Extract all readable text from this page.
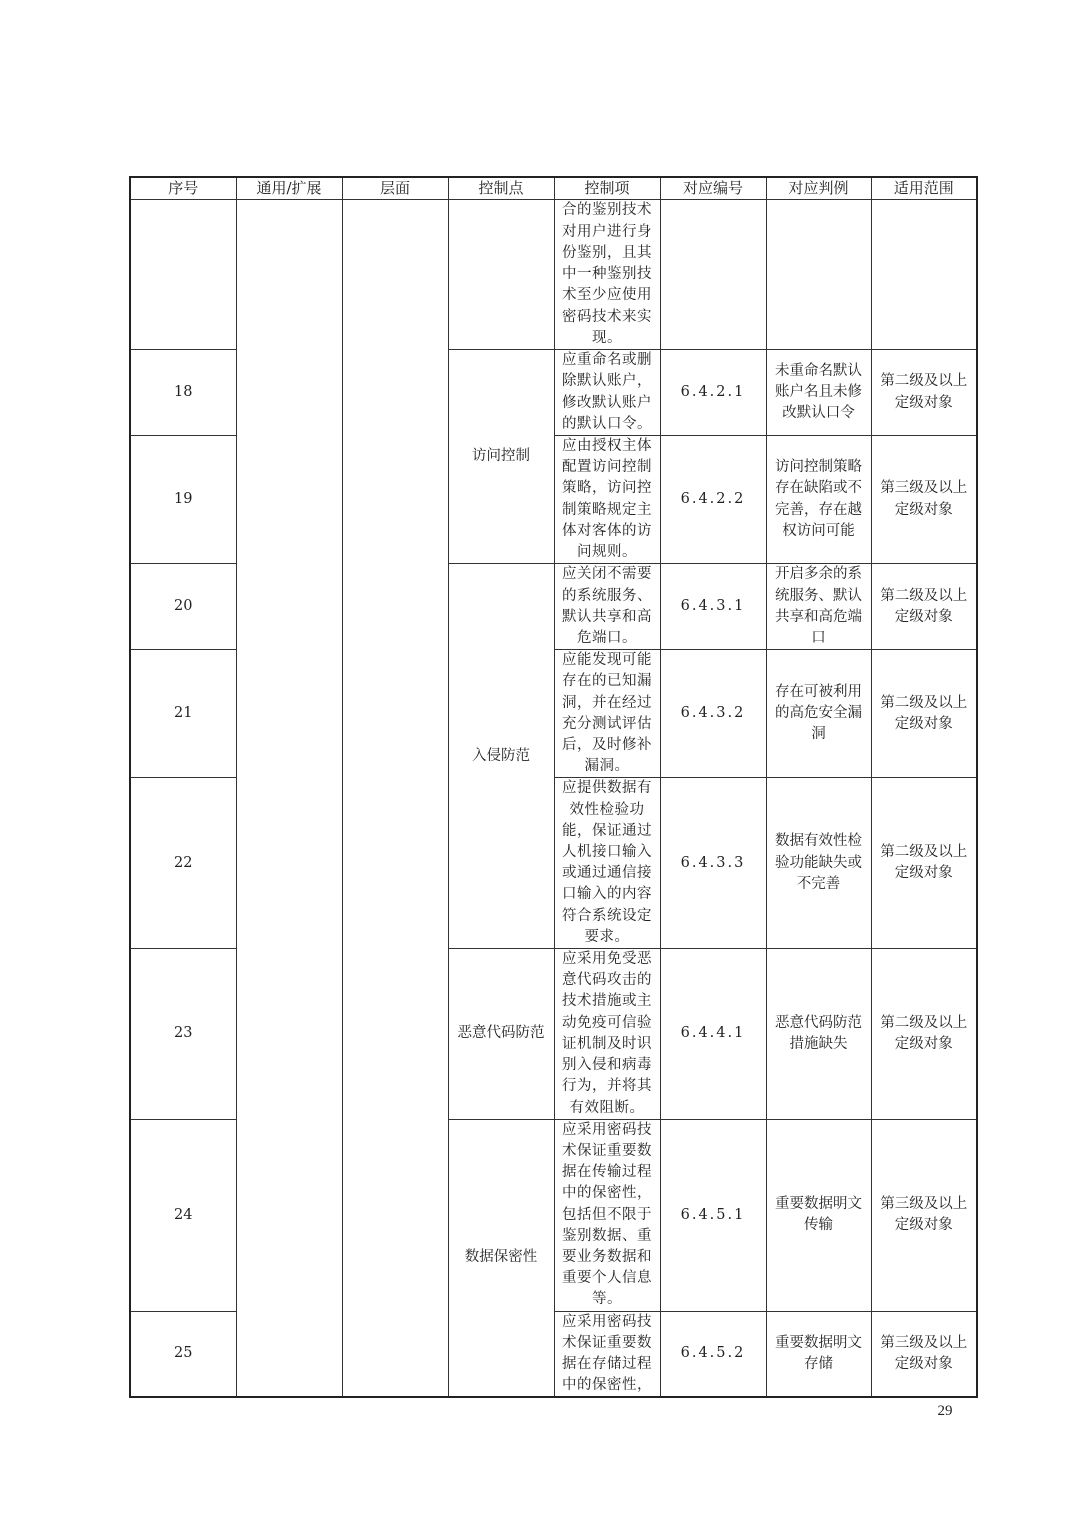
序号	通用/扩展	层面	控制点	控制项	对应编号	对应判例	适用范围
				合的鉴别技术对用户进行身份鉴别，且其中一种鉴别技术至少应使用密码技术来实现。			
18			访问控制	应重命名或删除默认账户，修改默认账户的默认口令。	6.4.2.1	未重命名默认账户名且未修改默认口令	第二级及以上定级对象
19				应由授权主体配置访问控制策略，访问控制策略规定主体对客体的访问规则。	6.4.2.2	访问控制策略存在缺陷或不完善，存在越权访问可能	第三级及以上定级对象
20			入侵防范	应关闭不需要的系统服务、默认共享和高危端口。	6.4.3.1	开启多余的系统服务、默认共享和高危端口	第二级及以上定级对象
21				应能发现可能存在的已知漏洞，并在经过充分测试评估后，及时修补漏洞。	6.4.3.2	存在可被利用的高危安全漏洞	第二级及以上定级对象
22				应提供数据有效性检验功能，保证通过人机接口输入或通过通信接口输入的内容符合系统设定要求。	6.4.3.3	数据有效性检验功能缺失或不完善	第二级及以上定级对象
23			恶意代码防范	应采用免受恶意代码攻击的技术措施或主动免疫可信验证机制及时识别入侵和病毒行为，并将其有效阻断。	6.4.4.1	恶意代码防范措施缺失	第二级及以上定级对象
24			数据保密性	应采用密码技术保证重要数据在传输过程中的保密性，包括但不限于鉴别数据、重要业务数据和重要个人信息等。	6.4.5.1	重要数据明文传输	第三级及以上定级对象
25				应采用密码技术保证重要数据在存储过程中的保密性，	6.4.5.2	重要数据明文存储	第三级及以上定级对象
29
